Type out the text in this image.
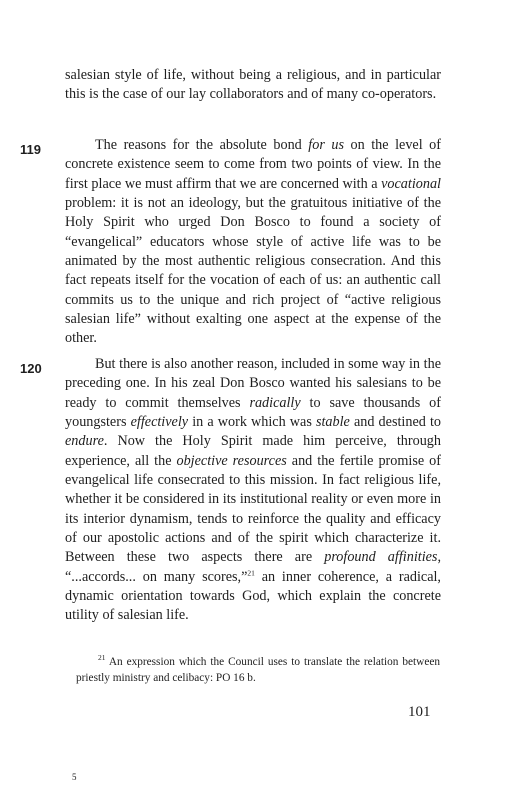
salesian style of life, without being a religious, and in particular this is the case of our lay collaborators and of many co-operators.

119	The reasons for the absolute bond for us on the level of concrete existence seem to come from two points of view. In the first place we must affirm that we are concerned with a vocational problem: it is not an ideology, but the gratuitous initiative of the Holy Spirit who urged Don Bosco to found a society of “evangelical” educators whose style of active life was to be animated by the most authentic religious consecration. And this fact repeats itself for the vocation of each of us: an authentic call commits us to the unique and rich project of “active religious salesian life” without exalting one aspect at the expense of the other.

120	But there is also another reason, included in some way in the preceding one. In his zeal Don Bosco wanted his salesians to be ready to commit themselves radically to save thousands of youngsters effectively in a work which was stable and destined to endure. Now the Holy Spirit made him perceive, through experience, all the objective resources and the fertile promise of evangelical life consecrated to this mission. In fact religious life, whether it be considered in its institutional reality or even more in its interior dynamism, tends to reinforce the quality and efficacy of our apostolic actions and of the spirit which characterize it. Between these two aspects there are profound affinities, “...accords... on many scores,”$^{21}$ an inner coherence, a radical, dynamic orientation towards God, which explain the concrete utility of salesian life.

$^{21}$ An expression which the Council uses to translate the relation between priestly ministry and celibacy: PO 16 b.

101
5
